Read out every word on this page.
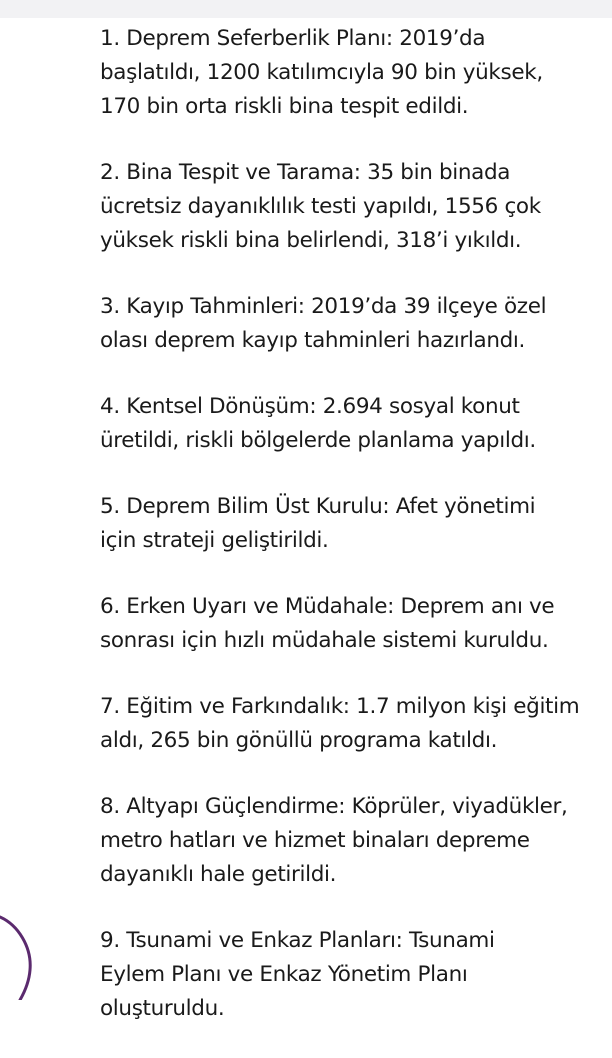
1. Deprem Seferberlik Planı: 2019’da
başlatıldı, 1200 katılımcıyla 90 bin yüksek,
170 bin orta riskli bina tespit edildi.
2. Bina Tespit ve Tarama: 35 bin binada
ücretsiz dayanıklılık testi yapıldı, 1556 çok
yüksek riskli bina belirlendi, 318’i yıkıldı.
3. Kayıp Tahminleri: 2019’da 39 ilçeye özel
olası deprem kayıp tahminleri hazırlandı.
4. Kentsel Dönüşüm: 2.694 sosyal konut
üretildi, riskli bölgelerde planlama yapıldı.
5. Deprem Bilim Üst Kurulu: Afet yönetimi
için strateji geliştirildi.
6. Erken Uyarı ve Müdahale: Deprem anı ve
sonrası için hızlı müdahale sistemi kuruldu.
7. Eğitim ve Farkındalık: 1.7 milyon kişi eğitim
aldı, 265 bin gönüllü programa katıldı.
8. Altyapı Güçlendirme: Köprüler, viyadükler,
metro hatları ve hizmet binaları depreme
dayanıklı hale getirildi.
9. Tsunami ve Enkaz Planları: Tsunami
Eylem Planı ve Enkaz Yönetim Planı
oluşturuldu.
